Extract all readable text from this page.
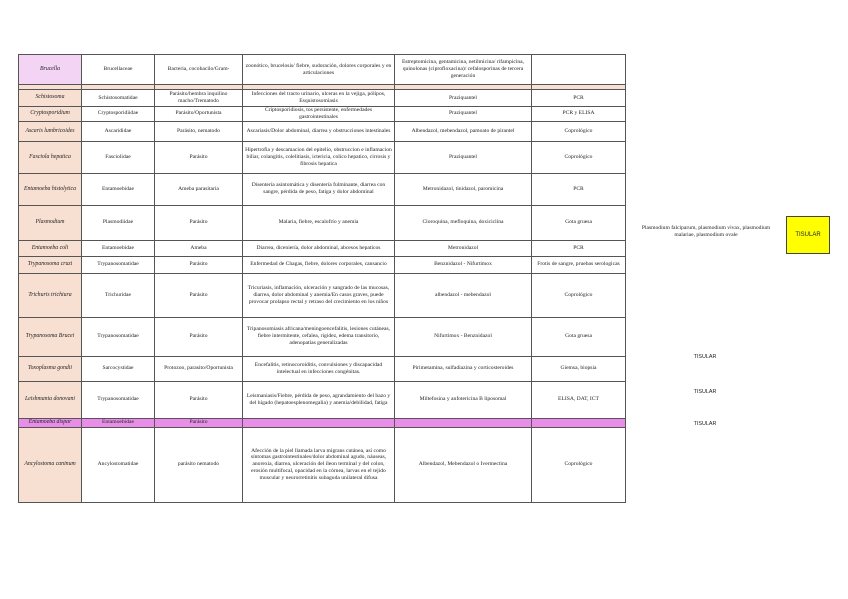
Brucella	Brucellaceae	Bacteria, cocobacilo/Gram-	zoonótico, brucelosis/ fiebre, sudoración, dolores corporales y en articulaciones	Estreptomicina, gentamicina, netilmicina/ rifampicina, quinolonas (ciprofloxacina)/ cefalosporinas de tercera generación	

Schistosoma	Schistosomatidae	Parásito/hembra inquilino macho/Trematodo	Infecciones del tracto urinario, ulceras en la vejiga, pólipos, Esquistosomiasis	Praziquantel	PCR
Cryptosporidium	Cryptosporidiidae	Parásito/Oportunista	Criptosporidiosis, tos persistente, enfermedades gastrointestinales	Praziquantel	PCR y ELISA
Ascaris lumbricoides	Ascarididae	Parásito, nematodo	Ascariasis/Dolor abdominal, diarrea y obstrucciones intestinales	Albendazol, mebendazol, pamoato de pirantel	Coprológico
Fasciola hepatica	Fasciolidae	Parásito	Hipertrofia y descamacion del epitelio, obstruccion e inflamacion biliar, colangitis, colelitiasis, ictericia, colico hepatico, cirrosis y fibrosis hepatica	Praziquantel	Coprológico
Entamoeba histolytica	Entamoebidae	Ameba parasitaria	Disentería asintomática y disentería fulminante, diarrea con sangre, pérdida de peso, fatiga y dolor abdominal	Metronidazol, tinidazol, paromicina	PCR
Plasmodium	Plasmodiidae	Parásito	Malaria, fiebre, escalofrío y anemia	Cloroquina, mefloquina, doxiciclina	Gota gruesa
Entamoeba coli	Entamoebidae	Ameba	Diarrea, diceniería, dolor abdominal, abcesos hepaticos	Metronidazol	PCR
Trypanosoma cruzi	Trypanosomatidae	Parásito	Enfermedad de Chagas, fiebre, dolores corporales, cansancio	Benznidazol - Nifurtimox	Frotis de sangre, pruebas serologicas
Trichuris trichiura	Trichuridae	Parásito	Tricuriasis, inflamación, ulceración y sangrado de las mucosas, diarrea, dolor abdominal y anemia/En casos graves, puede provocar prolapso rectal y retraso del crecimiento en los niños	albendazol - mebendazol	Coprológico
Trypanosoma Brucei	Trypanosomatidae	Parásito	Tripanosomiasis africana/meningoencefalitis, lesiones cutáneas, fiebre intermitente, cefalea, rigidez, edema transitorio, adenopatías generalizadas	Nifurtimox - Benznidazol	Gota gruesa
Toxoplasma gondii	Sarcocystidae	Protozoo, parasito/Oportunista	Encefalitis, retinocoroiditis, convulsiones y discapacidad intelectual en infecciones congénitas.	Pirimetamina, sulfadiazina y corticosteroides	Giemsa, biopsia
Leishmania donovani	Trypanosomatidae	Parásito	Leismaniasis/Fiebre, pérdida de peso, agrandamiento del bazo y del hígado (hepatoesplenomegalia) y anemia/debilidad, fatiga	Miltefosina y anfotericina B liposomal	ELISA, DAT, ICT
Entamoeba dispar	Entamoebidae	Parásito			
Ancylostoma caninum	Ancylostomatidae	parásito nematodo	Afección de la piel llamada larva migrans cutánea, así como síntomas gastrointestinales/dolor abdominal agudo, náuseas, anorexia, diarrea, ulceración del íleon terminal y del colon, erosión multifocal, opacidad en la córnea, larvas en el tejido muscular y neurorretinitis subaguda unilateral difusa	Albendazol, Mebendazol o Ivermectina	Coprológico
Plasmodium falciparum, plasmodium vivax, plasmodium malariae, plasmodium ovale	TISULAR
TISULAR
TISULAR
TISULAR
